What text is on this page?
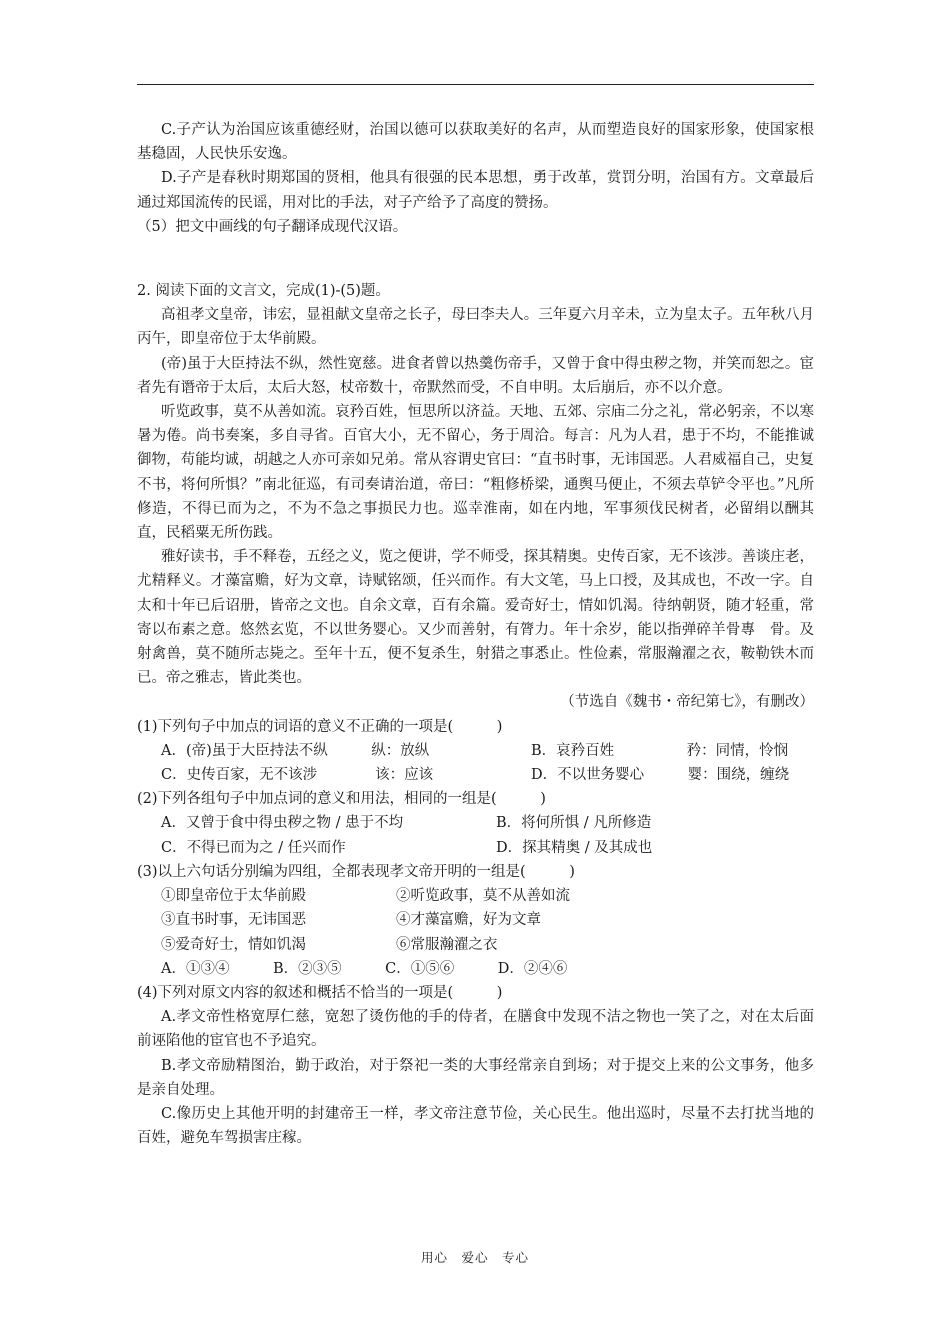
C.子产认为治国应该重德经财，治国以德可以获取美好的名声，从而塑造良好的国家形象，使国家根基稳固，人民快乐安逸。

D.子产是春秋时期郑国的贤相，他具有很强的民本思想，勇于改革，赏罚分明，治国有方。文章最后通过郑国流传的民谣，用对比的手法，对子产给予了高度的赞扬。

（5）把文中画线的句子翻译成现代汉语。

2. 阅读下面的文言文，完成(1)-(5)题。

高祖孝文皇帝，讳宏，显祖献文皇帝之长子，母曰李夫人。三年夏六月辛未，立为皇太子。五年秋八月丙午，即皇帝位于太华前殿。

(帝)虽于大臣持法不纵，然性宽慈。进食者曾以热羹伤帝手，又曾于食中得虫秽之物，并笑而恕之。宦者先有谮帝于太后，太后大怒，杖帝数十，帝默然而受，不自申明。太后崩后，亦不以介意。

听览政事，莫不从善如流。哀矜百姓，恒思所以济益。天地、五郊、宗庙二分之礼，常必躬亲，不以寒暑为倦。尚书奏案，多自寻省。百官大小，无不留心，务于周洽。每言：凡为人君，患于不均，不能推诚御物，苟能均诚，胡越之人亦可亲如兄弟。常从容谓史官曰：“直书时事，无讳国恶。人君威福自己，史复不书，将何所惧？”南北征巡，有司奏请治道，帝曰：“粗修桥梁，通舆马便止，不须去草铲令平也。”凡所修造，不得已而为之，不为不急之事损民力也。巡幸淮南，如在内地，军事须伐民树者，必留绢以酬其直，民稻粟无所伤践。

雅好读书，手不释卷，五经之义，览之便讲，学不师受，探其精奥。史传百家，无不该涉。善谈庄老，尤精释义。才藻富赡，好为文章，诗赋铭颂，任兴而作。有大文笔，马上口授，及其成也，不改一字。自太和十年已后诏册，皆帝之文也。自余文章，百有余篇。爱奇好士，情如饥渴。待纳朝贤，随才轻重，常寄以布素之意。悠然玄览，不以世务婴心。又少而善射，有膂力。年十余岁，能以指弹碎羊骨專　骨。及射禽兽，莫不随所志毙之。至年十五，便不复杀生，射猎之事悉止。性俭素，常服瀚濯之衣，鞍勒铁木而已。帝之雅志，皆此类也。

（节选自《魏书・帝纪第七》，有删改）

(1)下列句子中加点的词语的意义不正确的一项是(　　　)

A．(帝)虽于大臣持法不纵　　　纵：放纵	B．哀矜百姓　　　　　矜：同情，怜悯
C．史传百家，无不该涉　　　　该：应该	D．不以世务婴心　　　婴：围绕，缠绕

(2)下列各组句子中加点词的意义和用法，相同的一组是(　　　)

A．又曾于食中得虫秽之物 / 患于不均	B．将何所惧 / 凡所修造
C．不得已而为之 / 任兴而作	D．探其精奥 / 及其成也

(3)以上六句话分别编为四组，全都表现孝文帝开明的一组是(　　　)

①即皇帝位于太华前殿	②听览政事，莫不从善如流
③直书时事，无讳国恶	④才藻富赡，好为文章
⑤爱奇好士，情如饥渴	⑥常服瀚濯之衣

A．①③④　　　B．②③⑤　　　C．①⑤⑥　　　D．②④⑥

(4)下列对原文内容的叙述和概括不恰当的一项是(　　　)

A.孝文帝性格宽厚仁慈，宽恕了烫伤他的手的侍者，在膳食中发现不洁之物也一笑了之，对在太后面前诬陷他的宦官也不予追究。

B.孝文帝励精图治，勤于政治，对于祭祀一类的大事经常亲自到场；对于提交上来的公文事务，他多是亲自处理。

C.像历史上其他开明的封建帝王一样，孝文帝注意节俭，关心民生。他出巡时，尽量不去打扰当地的百姓，避免车驾损害庄稼。

用心　爱心　专心
